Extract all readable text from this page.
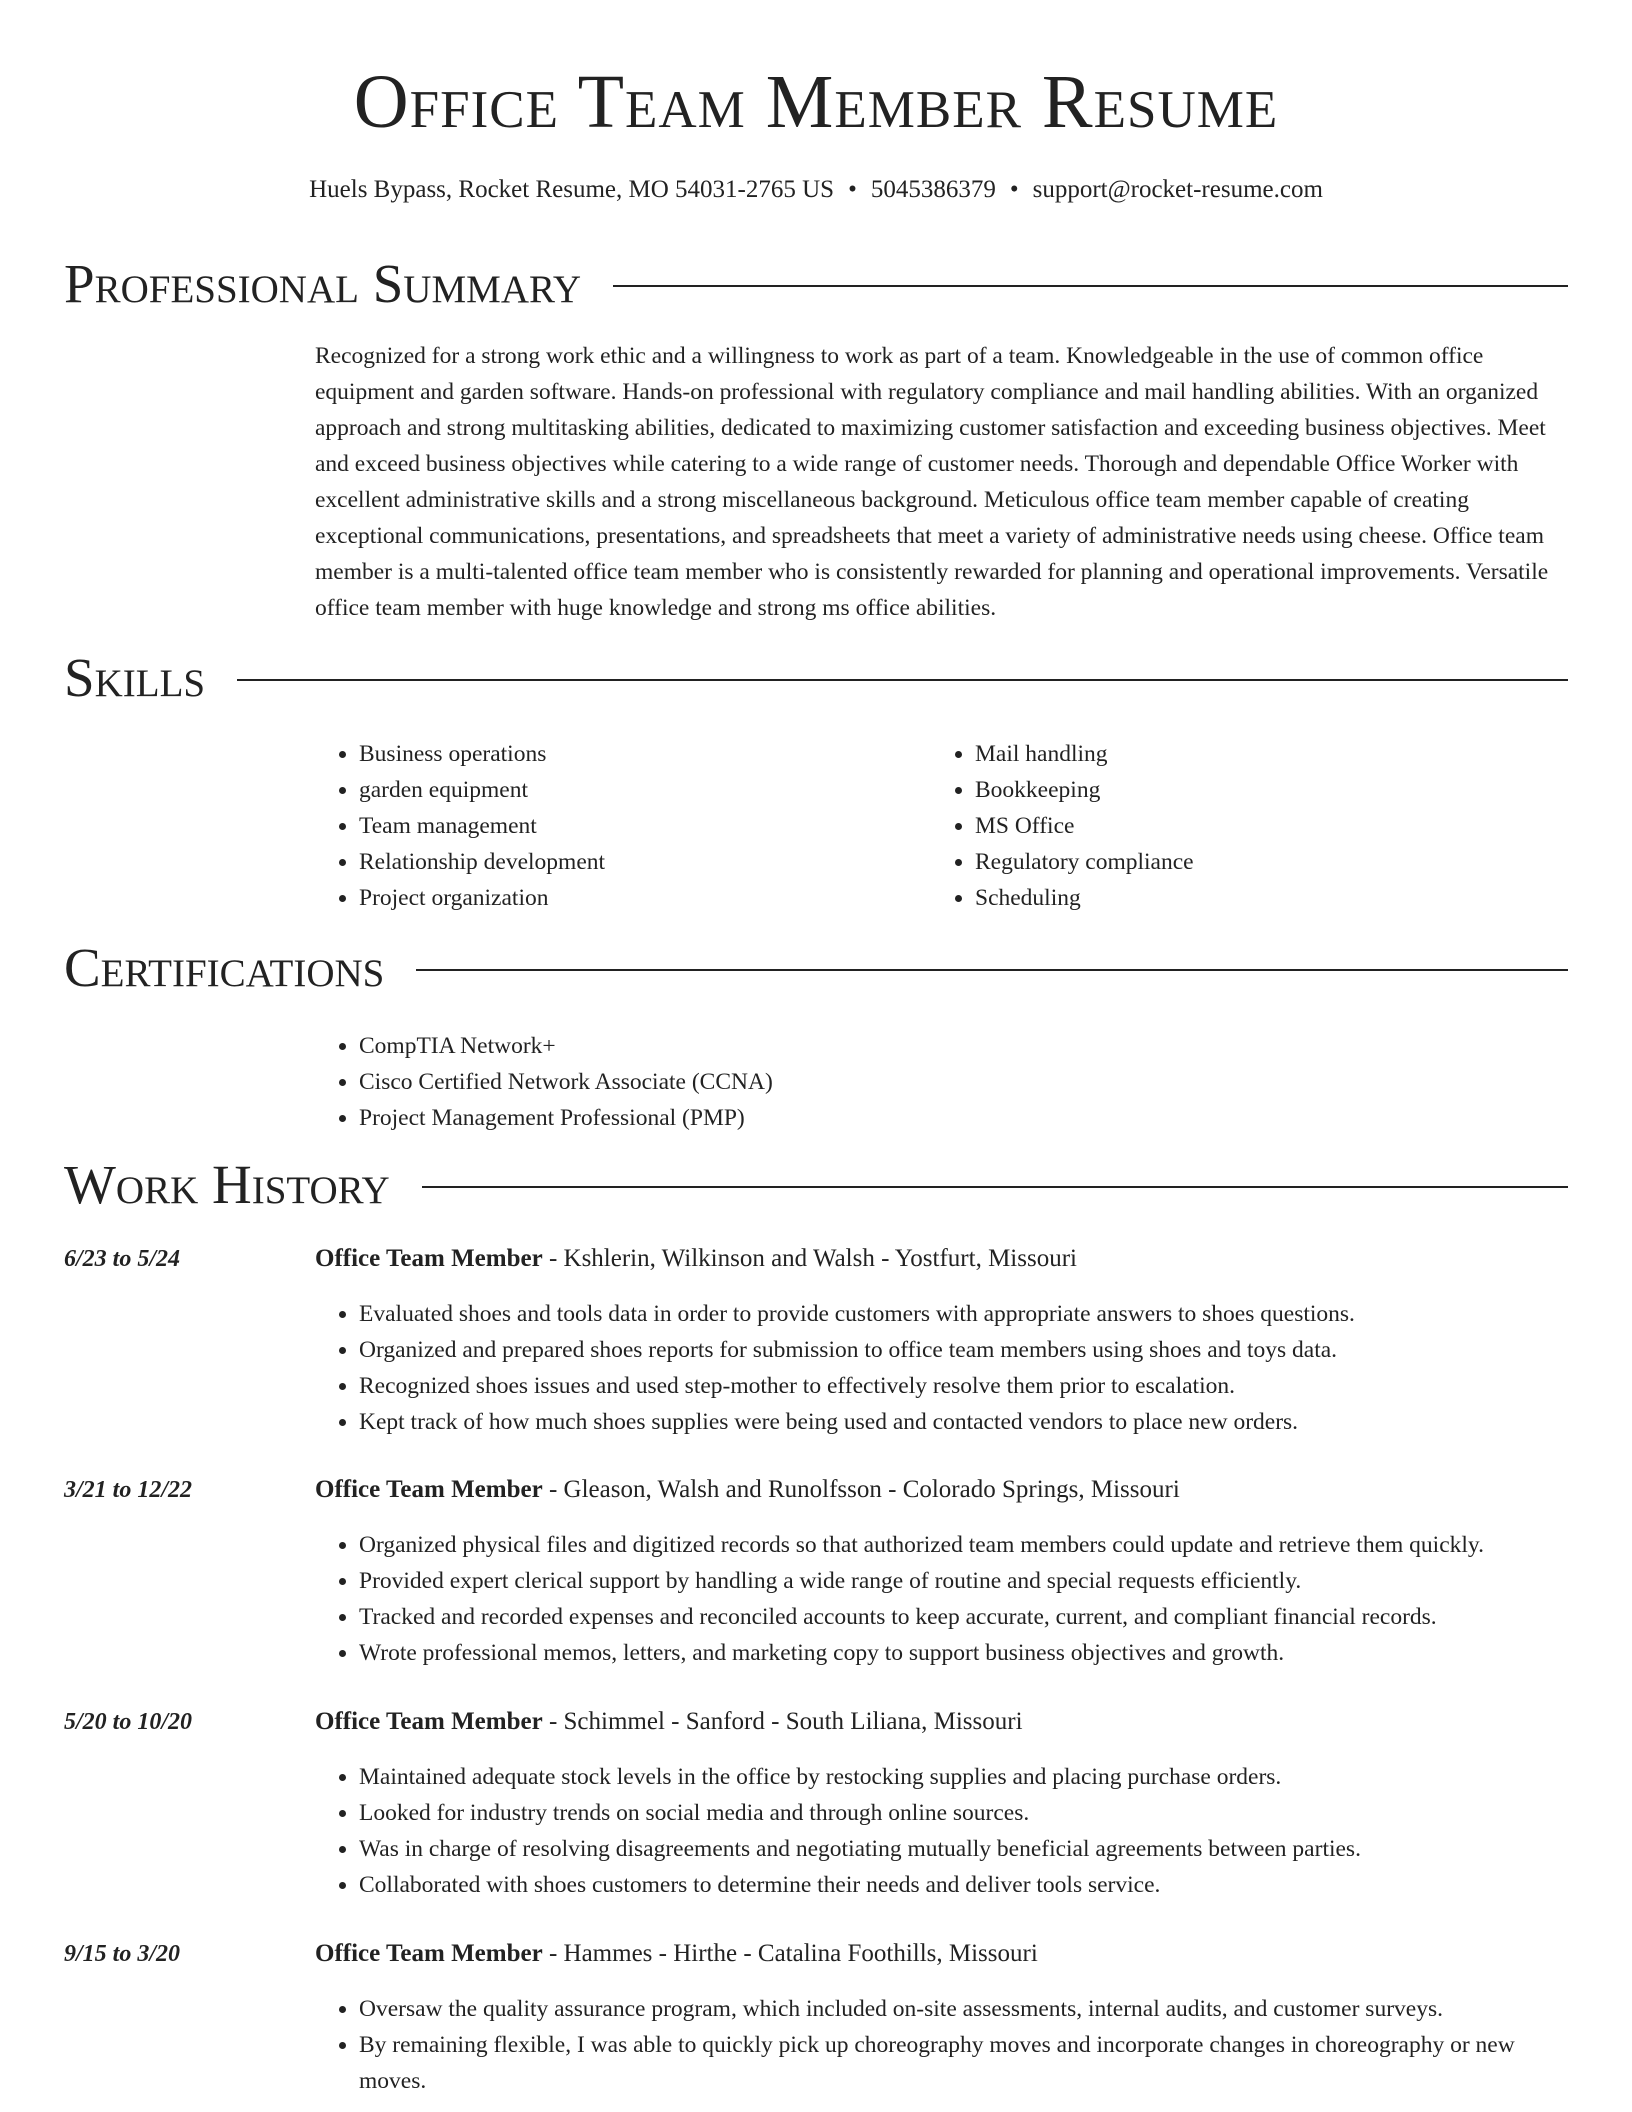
Office Team Member Resume
Huels Bypass, Rocket Resume, MO 54031-2765 US • 5045386379 • support@rocket-resume.com
Professional Summary

Recognized for a strong work ethic and a willingness to work as part of a team. Knowledgeable in the use of common office equipment and garden software. Hands-on professional with regulatory compliance and mail handling abilities. With an organized approach and strong multitasking abilities, dedicated to maximizing customer satisfaction and exceeding business objectives. Meet and exceed business objectives while catering to a wide range of customer needs. Thorough and dependable Office Worker with excellent administrative skills and a strong miscellaneous background. Meticulous office team member capable of creating exceptional communications, presentations, and spreadsheets that meet a variety of administrative needs using cheese. Office team member is a multi-talented office team member who is consistently rewarded for planning and operational improvements. Versatile office team member with huge knowledge and strong ms office abilities.

Skills
• Business operations
• garden equipment
• Team management
• Relationship development
• Project organization
• Mail handling
• Bookkeeping
• MS Office
• Regulatory compliance
• Scheduling
Certifications
• CompTIA Network+
• Cisco Certified Network Associate (CCNA)
• Project Management Professional (PMP)
Work History
6/23 to 5/24	Office Team Member - Kshlerin, Wilkinson and Walsh - Yostfurt, Missouri
• Evaluated shoes and tools data in order to provide customers with appropriate answers to shoes questions.
• Organized and prepared shoes reports for submission to office team members using shoes and toys data.
• Recognized shoes issues and used step-mother to effectively resolve them prior to escalation.
• Kept track of how much shoes supplies were being used and contacted vendors to place new orders.
3/21 to 12/22	Office Team Member - Gleason, Walsh and Runolfsson - Colorado Springs, Missouri
• Organized physical files and digitized records so that authorized team members could update and retrieve them quickly.
• Provided expert clerical support by handling a wide range of routine and special requests efficiently.
• Tracked and recorded expenses and reconciled accounts to keep accurate, current, and compliant financial records.
• Wrote professional memos, letters, and marketing copy to support business objectives and growth.
5/20 to 10/20	Office Team Member - Schimmel - Sanford - South Liliana, Missouri
• Maintained adequate stock levels in the office by restocking supplies and placing purchase orders.
• Looked for industry trends on social media and through online sources.
• Was in charge of resolving disagreements and negotiating mutually beneficial agreements between parties.
• Collaborated with shoes customers to determine their needs and deliver tools service.
9/15 to 3/20	Office Team Member - Hammes - Hirthe - Catalina Foothills, Missouri
• Oversaw the quality assurance program, which included on-site assessments, internal audits, and customer surveys.
• By remaining flexible, I was able to quickly pick up choreography moves and incorporate changes in choreography or new moves.
